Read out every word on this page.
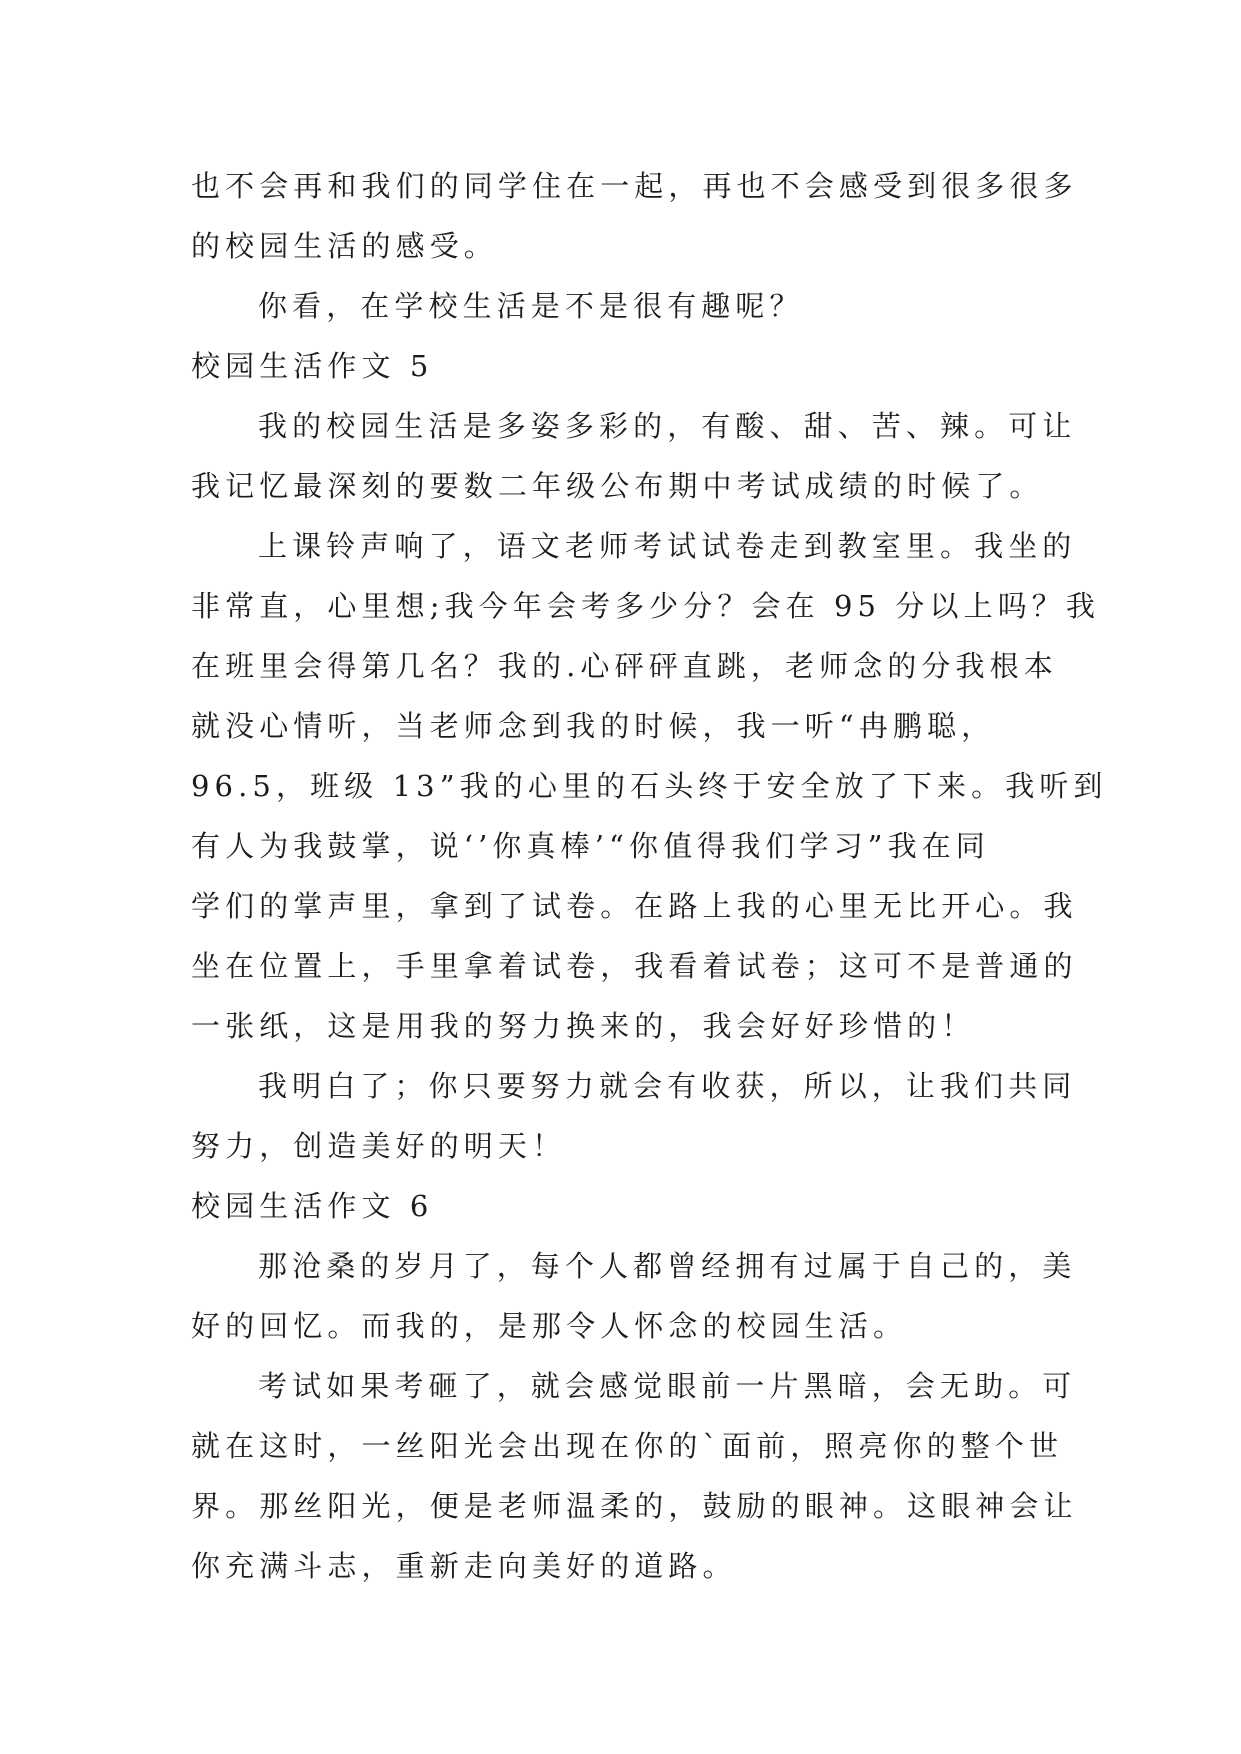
也不会再和我们的同学住在一起，再也不会感受到很多很多
的校园生活的感受。
你看，在学校生活是不是很有趣呢？
校园生活作文 5
我的校园生活是多姿多彩的，有酸、甜、苦、辣。可让
我记忆最深刻的要数二年级公布期中考试成绩的时候了。
上课铃声响了，语文老师考试试卷走到教室里。我坐的
非常直，心里想;我今年会考多少分？会在 95 分以上吗？我
在班里会得第几名？我的.心砰砰直跳，老师念的分我根本
就没心情听，当老师念到我的时候，我一听“冉鹏聪，
96.5，班级 13”我的心里的石头终于安全放了下来。我听到
有人为我鼓掌，说‘’你真棒’“你值得我们学习”我在同
学们的掌声里，拿到了试卷。在路上我的心里无比开心。我
坐在位置上，手里拿着试卷，我看着试卷；这可不是普通的
一张纸，这是用我的努力换来的，我会好好珍惜的！
我明白了；你只要努力就会有收获，所以，让我们共同
努力，创造美好的明天！
校园生活作文 6
那沧桑的岁月了，每个人都曾经拥有过属于自己的，美
好的回忆。而我的，是那令人怀念的校园生活。
考试如果考砸了，就会感觉眼前一片黑暗，会无助。可
就在这时，一丝阳光会出现在你的`面前，照亮你的整个世
界。那丝阳光，便是老师温柔的，鼓励的眼神。这眼神会让
你充满斗志，重新走向美好的道路。
